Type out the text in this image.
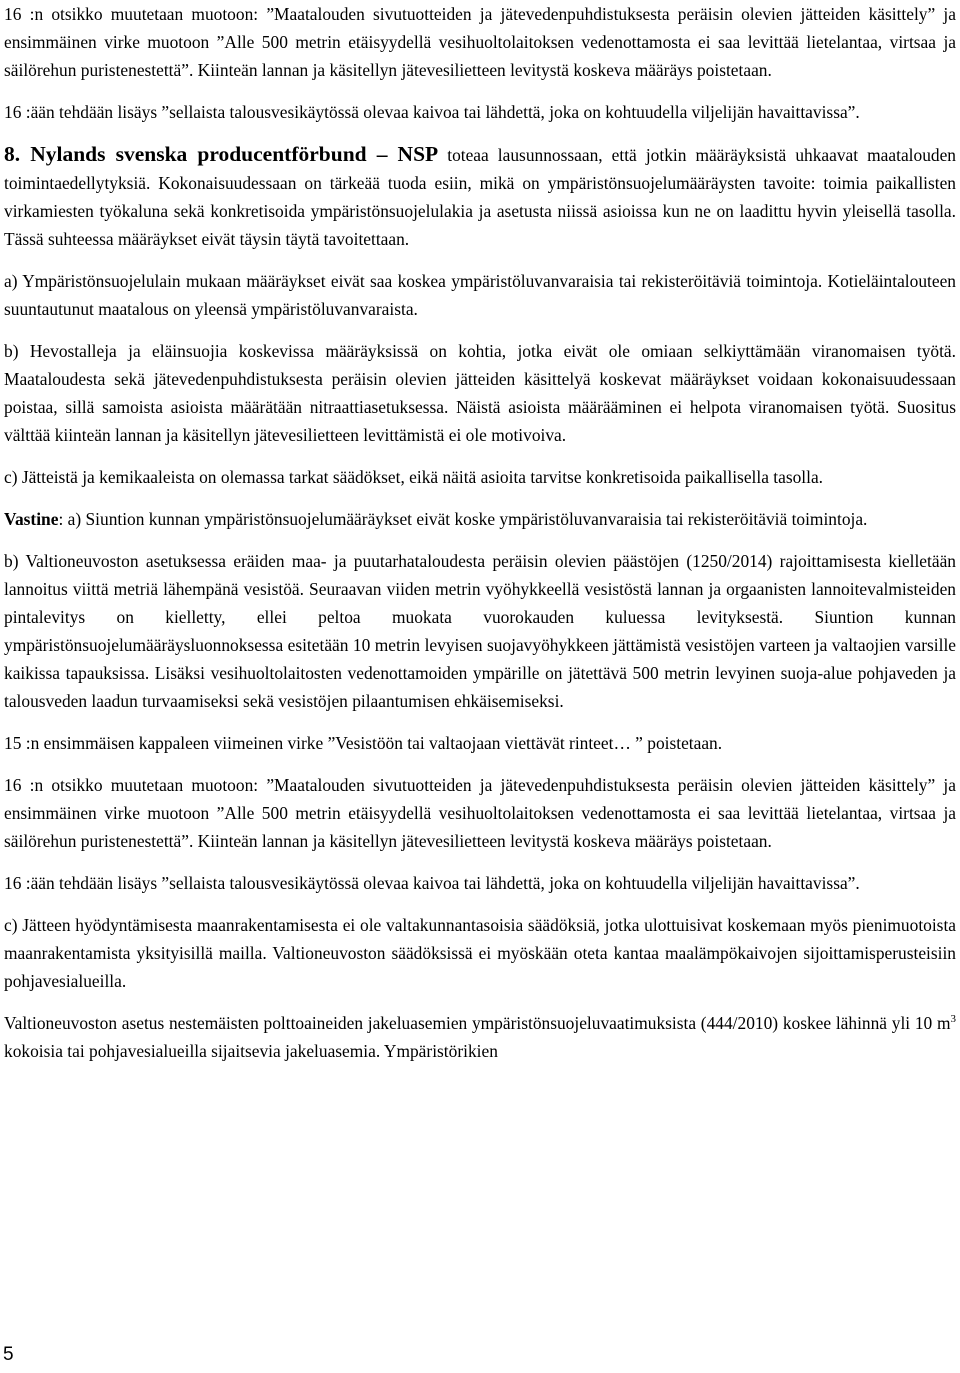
16 :n otsikko muutetaan muotoon: ”Maatalouden sivutuotteiden ja jätevedenpuhdistuksesta peräisin olevien jätteiden käsittely” ja ensimmäinen virke muotoon ”Alle 500 metrin etäisyydellä vesihuoltolaitoksen vedenottamosta ei saa levittää lietelantaa, virtsaa ja säilörehun puristenestettä”. Kiinteän lannan ja käsitellyn jätevesilietteen levitystä koskeva määräys poistetaan.

16 :ään tehdään lisäys ”sellaista talousvesikäytössä olevaa kaivoa tai lähdettä, joka on kohtuudella viljelijän havaittavissa”.

8. Nylands svenska producentförbund – NSP toteaa lausunnossaan, että jotkin määräyksistä uhkaavat maatalouden toimintaedellytyksiä. Kokonaisuudessaan on tärkeää tuoda esiin, mikä on ympäristönsuojelumääräysten tavoite: toimia paikallisten virkamiesten työkaluna sekä konkretisoida ympäristönsuojelulakia ja asetusta niissä asioissa kun ne on laadittu hyvin yleisellä tasolla. Tässä suhteessa määräykset eivät täysin täytä tavoitettaan.

a) Ympäristönsuojelulain mukaan määräykset eivät saa koskea ympäristöluvanvaraisia tai rekisteröitäviä toimintoja. Kotieläintalouteen suuntautunut maatalous on yleensä ympäristöluvanvaraista.

b) Hevostalleja ja eläinsuojia koskevissa määräyksissä on kohtia, jotka eivät ole omiaan selkiyttämään viranomaisen työtä. Maataloudesta sekä jätevedenpuhdistuksesta peräisin olevien jätteiden käsittelyä koskevat määräykset voidaan kokonaisuudessaan poistaa, sillä samoista asioista määrätään nitraattiasetuksessa. Näistä asioista määrääminen ei helpota viranomaisen työtä. Suositus välttää kiinteän lannan ja käsitellyn jätevesilietteen levittämistä ei ole motivoiva.

c) Jätteistä ja kemikaaleista on olemassa tarkat säädökset, eikä näitä asioita tarvitse konkretisoida paikallisella tasolla.

Vastine: a) Siuntion kunnan ympäristönsuojelumääräykset eivät koske ympäristöluvanvaraisia tai rekisteröitäviä toimintoja.

b) Valtioneuvoston asetuksessa eräiden maa- ja puutarhataloudesta peräisin olevien päästöjen (1250/2014) rajoittamisesta kielletään lannoitus viittä metriä lähempänä vesistöä. Seuraavan viiden metrin vyöhykkeellä vesistöstä lannan ja orgaanisten lannoitevalmisteiden pintalevitys on kielletty, ellei peltoa muokata vuorokauden kuluessa levityksestä. Siuntion kunnan ympäristönsuojelumääräysluonnoksessa esitetään 10 metrin levyisen suojavyöhykkeen jättämistä vesistöjen varteen ja valtaojien varsille kaikissa tapauksissa. Lisäksi vesihuoltolaitosten vedenottamoiden ympärille on jätettävä 500 metrin levyinen suoja-alue pohjaveden ja talousveden laadun turvaamiseksi sekä vesistöjen pilaantumisen ehkäisemiseksi.

15 :n ensimmäisen kappaleen viimeinen virke ”Vesistöön tai valtaojaan viettävät rinteet… ” poistetaan.

16 :n otsikko muutetaan muotoon: ”Maatalouden sivutuotteiden ja jätevedenpuhdistuksesta peräisin olevien jätteiden käsittely” ja ensimmäinen virke muotoon ”Alle 500 metrin etäisyydellä vesihuoltolaitoksen vedenottamosta ei saa levittää lietelantaa, virtsaa ja säilörehun puristenestettä”. Kiinteän lannan ja käsitellyn jätevesilietteen levitystä koskeva määräys poistetaan.

16 :ään tehdään lisäys ”sellaista talousvesikäytössä olevaa kaivoa tai lähdettä, joka on kohtuudella viljelijän havaittavissa”.

c) Jätteen hyödyntämisesta maanrakentamisesta ei ole valtakunnantasoisia säädöksiä, jotka ulottuisivat koskemaan myös pienimuotoista maanrakentamista yksityisillä mailla. Valtioneuvoston säädöksissä ei myöskään oteta kantaa maalämpökaivojen sijoittamisperusteisiin pohjavesialueilla.

Valtioneuvoston asetus nestemäisten polttoaineiden jakeluasemien ympäristönsuojeluvaatimuksista (444/2010) koskee lähinnä yli 10 $m^3$ kokoisia tai pohjavesialueilla sijaitsevia jakeluasemia. Ympäristörikien

5
